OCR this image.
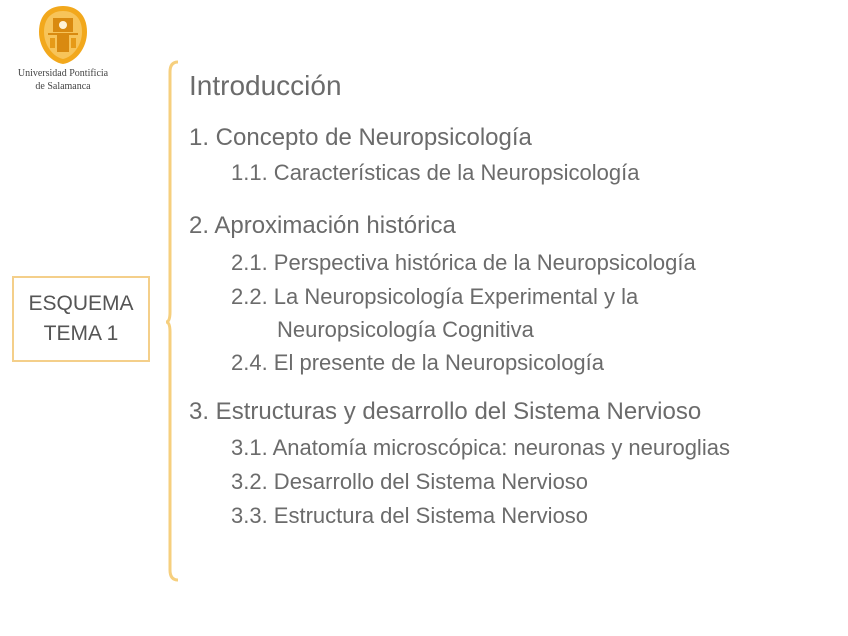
Universidad Pontificia
de Salamanca
ESQUEMA
TEMA 1
Introducción
1. Concepto de Neuropsicología
1.1. Características de la Neuropsicología
2. Aproximación histórica
2.1. Perspectiva histórica de la Neuropsicología
2.2. La Neuropsicología Experimental y la
Neuropsicología Cognitiva
2.4. El presente de la Neuropsicología
3. Estructuras y desarrollo del Sistema Nervioso
3.1. Anatomía microscópica: neuronas y neuroglias
3.2. Desarrollo del Sistema Nervioso
3.3. Estructura del Sistema Nervioso
